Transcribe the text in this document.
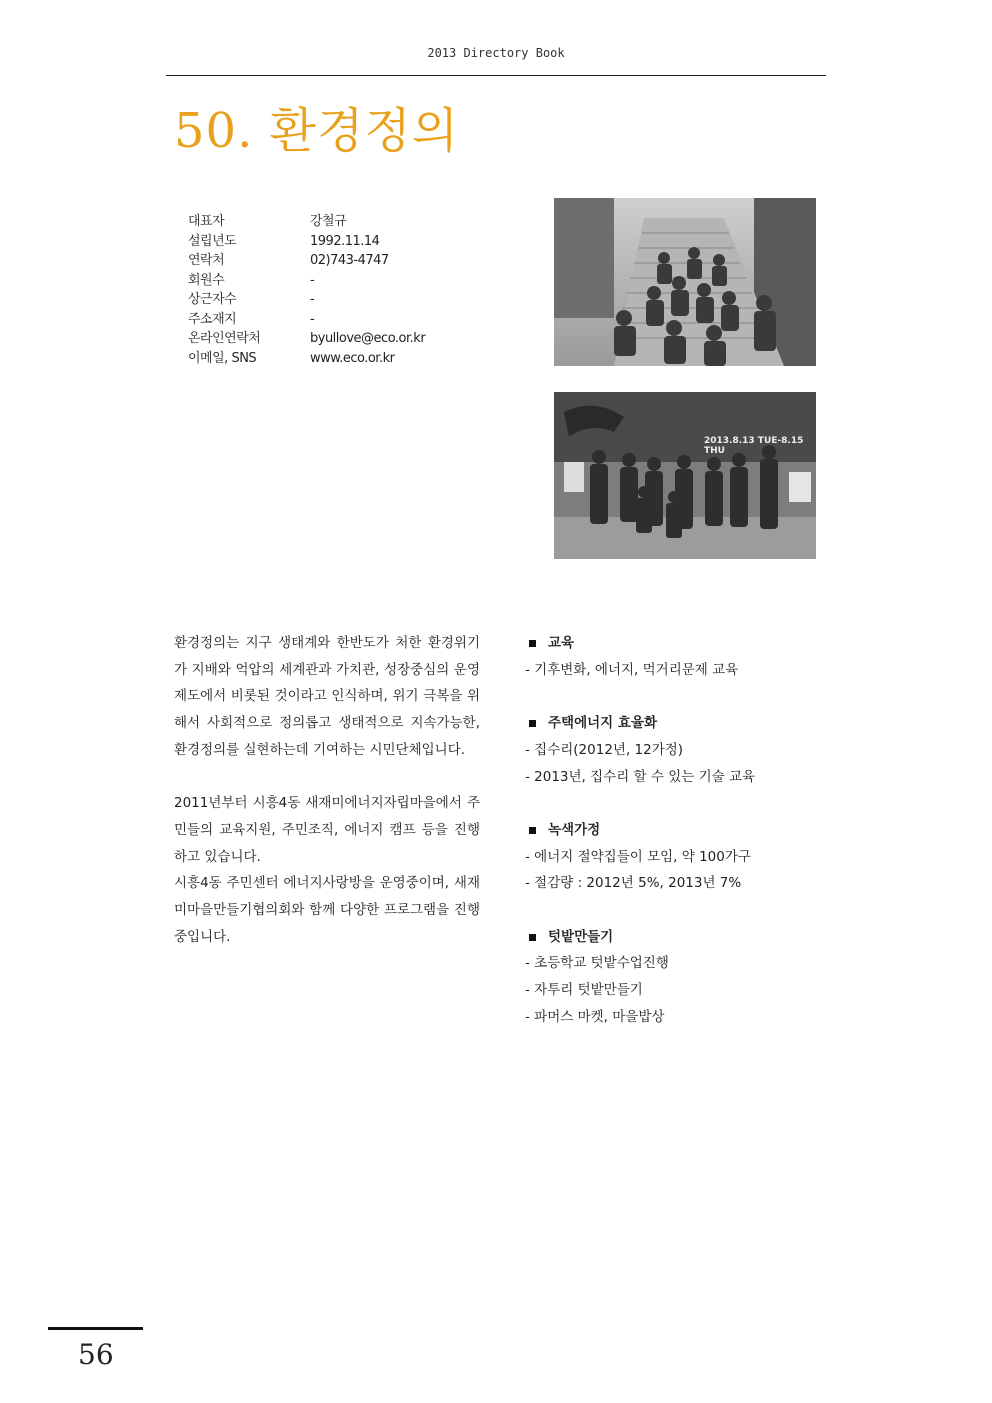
2013 Directory Book
50. 환경정의
대표자	강철규
설립년도	1992.11.14
연락처	02)743-4747
회원수	-
상근자수	-
주소재지	-
온라인연락처	byullove@eco.or.kr
이메일, SNS	www.eco.or.kr
2013.8.13 TUE-8.15 THU

환경정의는 지구 생태계와 한반도가 처한 환경위기가 지배와 억압의 세계관과 가치관, 성장중심의 운영제도에서 비롯된 것이라고 인식하며, 위기 극복을 위해서 사회적으로 정의롭고 생태적으로 지속가능한, 환경정의를 실현하는데 기여하는 시민단체입니다.

2011년부터 시흥4동 새재미에너지자립마을에서 주민들의 교육지원, 주민조직, 에너지 캠프 등을 진행하고 있습니다.

시흥4동 주민센터 에너지사랑방을 운영중이며, 새재미마을만들기협의회와 함께 다양한 프로그램을 진행중입니다.

교육
- 기후변화, 에너지, 먹거리문제 교육
주택에너지 효율화
- 집수리(2012년, 12가정)
- 2013년, 집수리 할 수 있는 기술 교육
녹색가정
- 에너지 절약집들이 모임, 약 100가구
- 절감량 : 2012년 5%, 2013년 7%
텃밭만들기
- 초등학교 텃밭수업진행
- 자투리 텃밭만들기
- 파머스 마켓, 마을밥상
56
